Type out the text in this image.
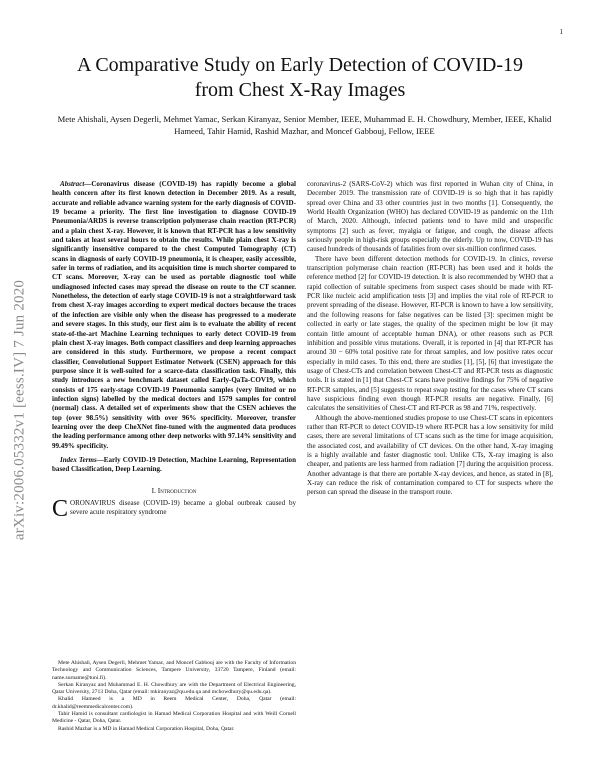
1
arXiv:2006.05332v1 [eess.IV] 7 Jun 2020
A Comparative Study on Early Detection of COVID-19 from Chest X-Ray Images
Mete Ahishali, Aysen Degerli, Mehmet Yamac, Serkan Kiranyaz, Senior Member, IEEE, Muhammad E. H. Chowdhury, Member, IEEE, Khalid Hameed, Tahir Hamid, Rashid Mazhar, and Moncef Gabbouj, Fellow, IEEE
Abstract—Coronavirus disease (COVID-19) has rapidly become a global health concern after its first known detection in December 2019. As a result, accurate and reliable advance warning system for the early diagnosis of COVID-19 became a priority. The first line investigation to diagnose COVID-19 Pneumonia/ARDS is reverse transcription polymerase chain reaction (RT-PCR) and a plain chest X-ray. However, it is known that RT-PCR has a low sensitivity and takes at least several hours to obtain the results. While plain chest X-ray is significantly insensitive compared to the chest Computed Tomography (CT) scans in diagnosis of early COVID-19 pneumonia, it is cheaper, easily accessible, safer in terms of radiation, and its acquisition time is much shorter compared to CT scans. Moreover, X-ray can be used as portable diagnostic tool while undiagnosed infected cases may spread the disease on route to the CT scanner. Nonetheless, the detection of early stage COVID-19 is not a straightforward task from chest X-ray images according to expert medical doctors because the traces of the infection are visible only when the disease has progressed to a moderate and severe stages. In this study, our first aim is to evaluate the ability of recent state-of-the-art Machine Learning techniques to early detect COVID-19 from plain chest X-ray images. Both compact classifiers and deep learning approaches are considered in this study. Furthermore, we propose a recent compact classifier, Convolutional Support Estimator Network (CSEN) approach for this purpose since it is well-suited for a scarce-data classification task. Finally, this study introduces a new benchmark dataset called Early-QaTa-COV19, which consists of 175 early-stage COVID-19 Pneumonia samples (very limited or no infection signs) labelled by the medical doctors and 1579 samples for control (normal) class. A detailed set of experiments show that the CSEN achieves the top (over 98.5%) sensitivity with over 96% specificity. Moreover, transfer learning over the deep CheXNet fine-tuned with the augmented data produces the leading performance among other deep networks with 97.14% sensitivity and 99.49% specificity.
Index Terms—Early COVID-19 Detection, Machine Learning, Representation based Classification, Deep Learning.
I. Introduction

CORONAVIRUS disease (COVID-19) became a global outbreak caused by severe acute respiratory syndrome

Mete Ahishali, Aysen Degerli, Mehmet Yamac, and Moncef Gabbouj are with the Faculty of Information Technology and Communication Sciences, Tampere University, 33720 Tampere, Finland (email: name.surname@tuni.fi).

Serkan Kiranyaz and Muhammad E. H. Chowdhury are with the Department of Electrical Engineering, Qatar University, 2713 Doha, Qatar (email: mkiranyaz@qu.edu.qa and mchowdhury@qu.edu.qa).

Khalid Hameed is a MD in Reem Medical Center, Doha, Qatar (email: dr.khalid@reemmedicalcenter.com).

Tahir Hamid is consultant cardiologist in Hamad Medical Corporation Hospital and with Weill Cornell Medicine - Qatar, Doha, Qatar.

Rashid Mazhar is a MD in Hamad Medical Corporation Hospital, Doha, Qatar.

coronavirus-2 (SARS-CoV-2) which was first reported in Wuhan city of China, in December 2019. The transmission rate of COVID-19 is so high that it has rapidly spread over China and 33 other countries just in two months [1]. Consequently, the World Health Organization (WHO) has declared COVID-19 as pandemic on the 11th of March, 2020. Although, infected patients tend to have mild and unspecific symptoms [2] such as fever, myalgia or fatigue, and cough, the disease affects seriously people in high-risk groups especially the elderly. Up to now, COVID-19 has caused hundreds of thousands of fatalities from over six-million confirmed cases.

There have been different detection methods for COVID-19. In clinics, reverse transcription polymerase chain reaction (RT-PCR) has been used and it holds the reference method [2] for COVID-19 detection. It is also recommended by WHO that a rapid collection of suitable specimens from suspect cases should be made with RT-PCR like nucleic acid amplification tests [3] and implies the vital role of RT-PCR to prevent spreading of the disease. However, RT-PCR is known to have a low sensitivity, and the following reasons for false negatives can be listed [3]: specimen might be collected in early or late stages, the quality of the specimen might be low (it may contain little amount of acceptable human DNA), or other reasons such as PCR inhibition and possible virus mutations. Overall, it is reported in [4] that RT-PCR has around 30 − 60% total positive rate for throat samples, and low positive rates occur especially in mild cases. To this end, there are studies [1], [5], [6] that investigate the usage of Chest-CTs and correlation between Chest-CT and RT-PCR tests as diagnostic tools. It is stated in [1] that Chest-CT scans have positive findings for 75% of negative RT-PCR samples, and [5] suggests to repeat swap testing for the cases where CT scans have suspicious finding even though RT-PCR results are negative. Finally, [6] calculates the sensitivities of Chest-CT and RT-PCR as 98 and 71%, respectively.

Although the above-mentioned studies propose to use Chest-CT scans in epicenters rather than RT-PCR to detect COVID-19 where RT-PCR has a low sensitivity for mild cases, there are several limitations of CT scans such as the time for image acquisition, the associated cost, and availability of CT devices. On the other hand, X-ray imaging is a highly available and faster diagnostic tool. Unlike CTs, X-ray imaging is also cheaper, and patients are less harmed from radiation [7] during the acquisition process. Another advantage is that there are portable X-ray devices, and hence, as stated in [8], X-ray can reduce the risk of contamination compared to CT for suspects where the person can spread the disease in the transport route.
